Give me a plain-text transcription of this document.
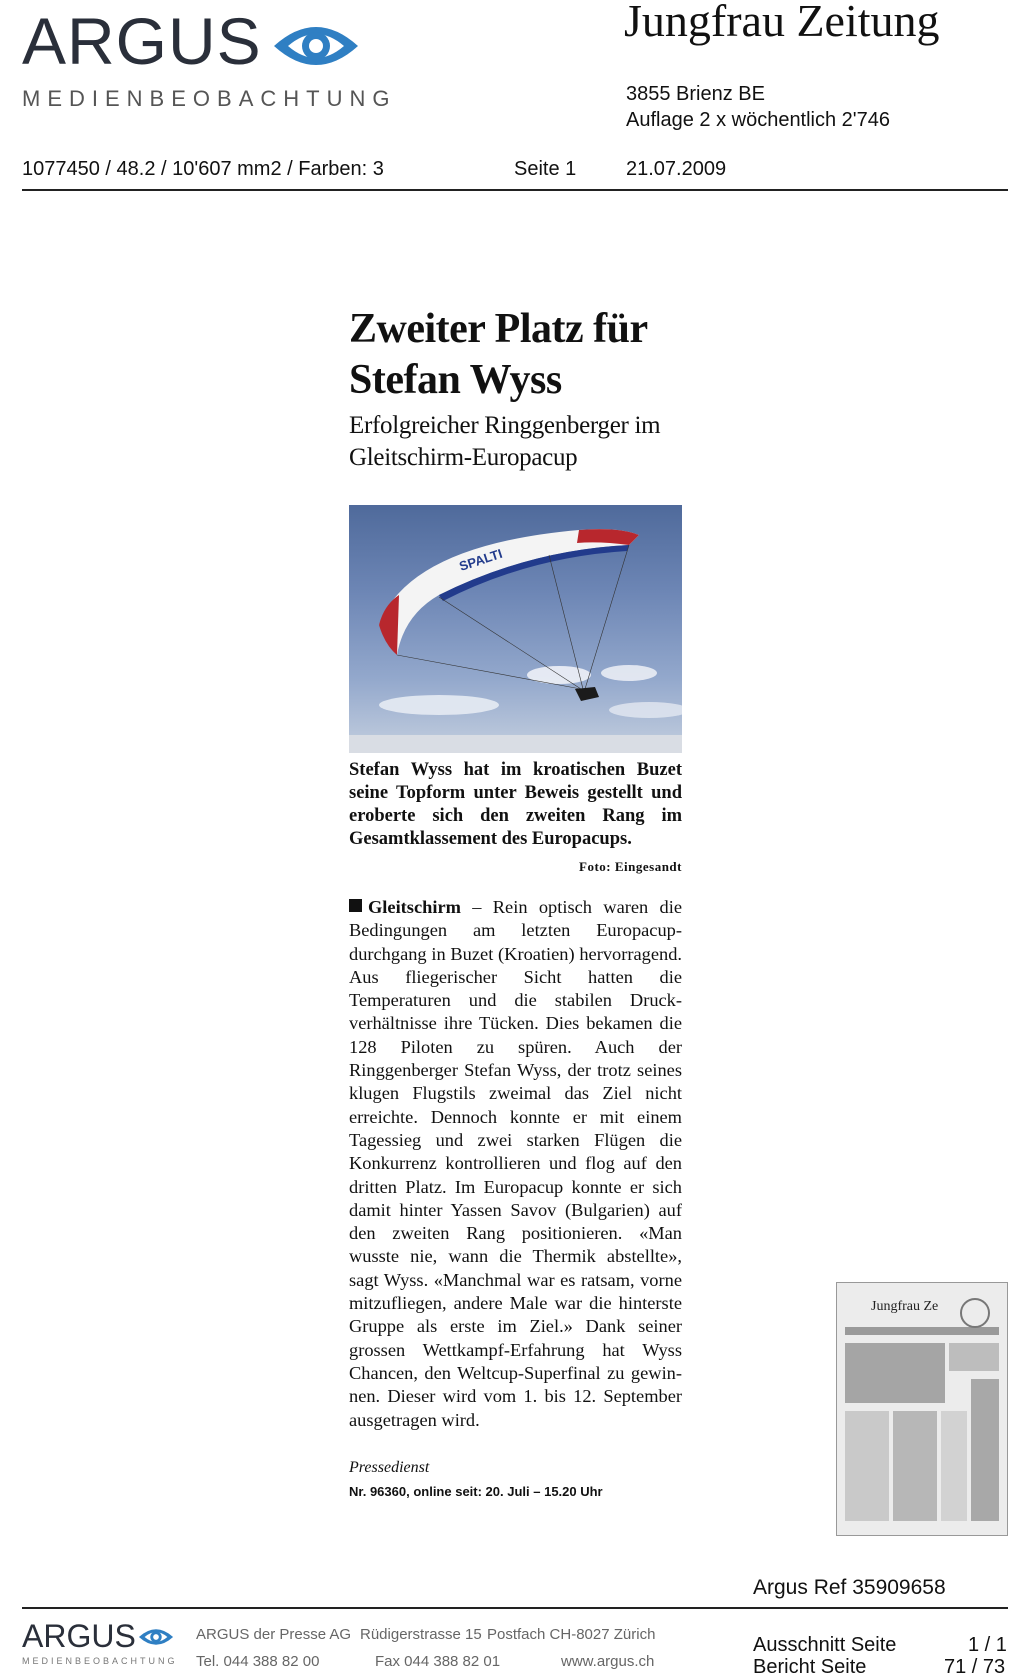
ARGUS
MEDIENBEOBACHTUNG
Jungfrau Zeitung
3855 Brienz BE
Auflage 2 x wöchentlich 2'746
1077450 / 48.2 / 10'607 mm2 / Farben: 3	Seite 1 21.07.2009
Zweiter Platz für
Stefan Wyss
Erfolgreicher Ringgenberger im
Gleitschirm-Europacup
SPALTI
Stefan Wyss hat im kroatischen Buzet seine Topform unter Beweis gestellt und eroberte sich den zweiten Rang im Gesamtklassement des Europacups.
Foto: Eingesandt
Gleitschirm – Rein optisch waren die Bedingungen am letzten Europacupdurchgang in Buzet (Kroatien) hervorragend. Aus fliegerischer Sicht hatten die Temperaturen und die stabilen Druckverhältnisse ihre Tücken. Dies bekamen die 128 Piloten zu spüren. Auch der Ringgenberger Stefan Wyss, der trotz seines klugen Flugstils zweimal das Ziel nicht erreichte. Dennoch konnte er mit einem Tagessieg und zwei starken Flügen die Konkurrenz kontrollieren und flog auf den dritten Platz. Im Europacup konnte er sich damit hinter Yassen Savov (Bulgarien) auf den zweiten Rang positionieren. «Man wusste nie, wann die Thermik abstellte», sagt Wyss. «Manchmal war es ratsam, vorne mitzufliegen, andere Male war die hinterste Gruppe als erste im Ziel.» Dank seiner grossen Wettkampf-Erfahrung hat Wyss Chancen, den Weltcup-Superfinal zu gewinnen. Dieser wird vom 1. bis 12. September ausgetragen wird.
Pressedienst
Nr. 96360, online seit: 20. Juli – 15.20 Uhr
Jungfrau Ze
Argus Ref 35909658
ARGUS
MEDIENBEOBACHTUNG
ARGUS der Presse AG Rüdigerstrasse 15 Postfach CH-8027 Zürich
Tel. 044 388 82 00	Fax 044 388 82 01	www.argus.ch
Ausschnitt Seite	1 / 1
Bericht Seite	71 / 73
